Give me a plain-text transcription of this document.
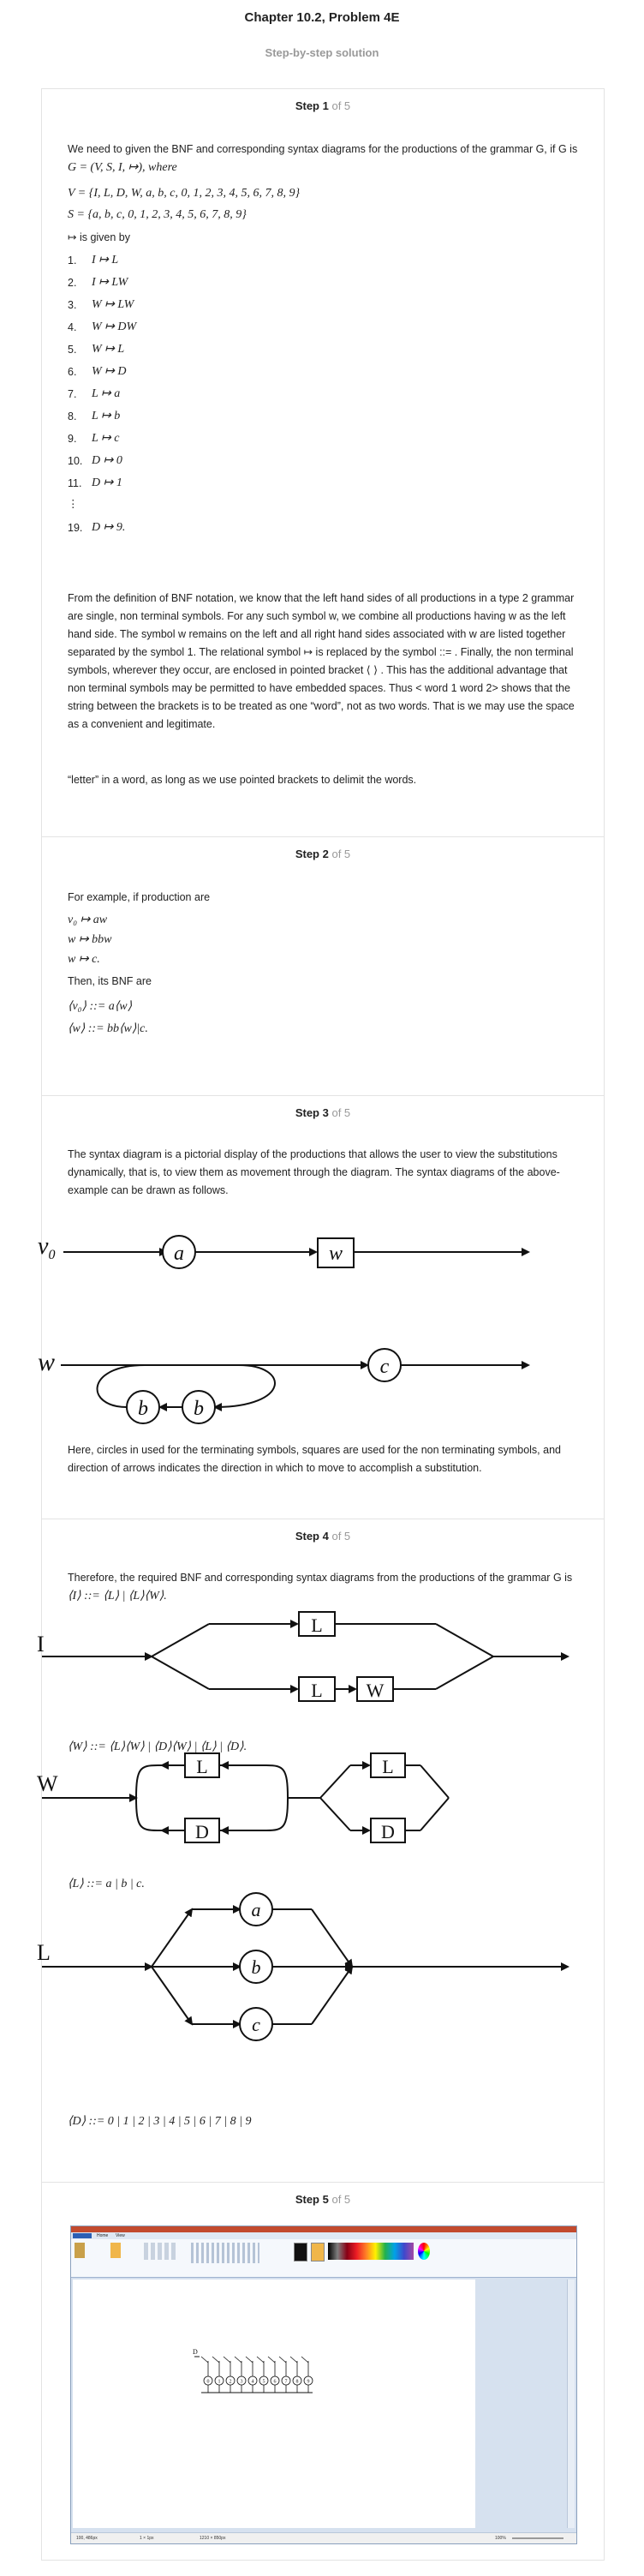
Chapter 10.2, Problem 4E
Step-by-step solution
Step 1 of 5
We need to given the BNF and corresponding syntax diagrams for the productions of the grammar G, if G is G = (V, S, I, ↦), where
V = {I, L, D, W, a, b, c, 0, 1, 2, 3, 4, 5, 6, 7, 8, 9}
S = {a, b, c, 0, 1, 2, 3, 4, 5, 6, 7, 8, 9}
↦ is given by
1. I ↦ L
2. I ↦ LW
3. W ↦ LW
4. W ↦ DW
5. W ↦ L
6. W ↦ D
7. L ↦ a
8. L ↦ b
9. L ↦ c
10. D ↦ 0
11. D ↦ 1
⋮
19. D ↦ 9.
From the definition of BNF notation, we know that the left hand sides of all productions in a type 2 grammar are single, non terminal symbols. For any such symbol w, we combine all productions having w as the left hand side. The symbol w remains on the left and all right hand sides associated with w are listed together separated by the symbol 1. The relational symbol ↦ is replaced by the symbol ::= . Finally, the non terminal symbols, wherever they occur, are enclosed in pointed bracket ⟨ ⟩ . This has the additional advantage that non terminal symbols may be permitted to have embedded spaces. Thus < word 1 word 2> shows that the string between the brackets is to be treated as one “word”, not as two words. That is we may use the space as a convenient and legitimate.
“letter” in a word, as long as we use pointed brackets to delimit the words.
Step 2 of 5
For example, if production are
v₀ ↦ aw
w ↦ bbw
w ↦ c.
Then, its BNF are
⟨v₀⟩ ::= a⟨w⟩
⟨w⟩ ::= bb⟨w⟩|c.
Step 3 of 5
The syntax diagram is a pictorial display of the productions that allows the user to view the substitutions dynamically, that is, to view them as movement through the diagram. The syntax diagrams of the above-example can be drawn as follows.
$v_0$	a	w
w	c
b
b
Here, circles in used for the terminating symbols, squares are used for the non terminating symbols, and direction of arrows indicates the direction in which to move to accomplish a substitution.
Step 4 of 5
Therefore, the required BNF and corresponding syntax diagrams from the productions of the grammar G is ⟨I⟩ ::= ⟨L⟩ | ⟨L⟩⟨W⟩.
I
L
L W
W
L
D
L
D
L
a
b
c
⟨W⟩ ::= ⟨L⟩⟨W⟩ | ⟨D⟩⟨W⟩ | ⟨L⟩ | ⟨D⟩.
⟨L⟩ ::= a | b | c.
⟨D⟩ ::= 0 | 1 | 2 | 3 | 4 | 5 | 6 | 7 | 8 | 9
Step 5 of 5
Home View
D
0 1 2 3 4 5 6 7 8 9
100, 486px	1 × 1px	1210 × 850px	100%
